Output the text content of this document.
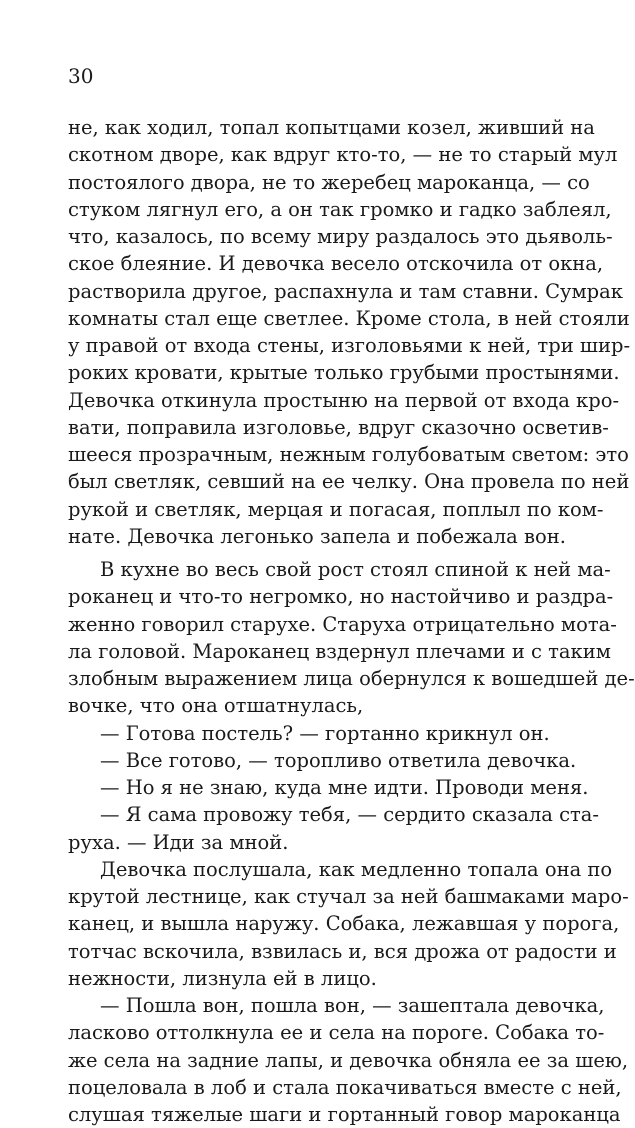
30
не, как ходил, топал копытцами козел, живший на
скотном дворе, как вдруг кто-то, — не то старый мул
постоялого двора, не то жеребец мароканца, — со
стуком лягнул его, а он так громко и гадко заблеял,
что, казалось, по всему миру раздалось это дьяволь-
ское блеяние. И девочка весело отскочила от окна,
растворила другое, распахнула и там ставни. Сумрак
комнаты стал еще светлее. Кроме стола, в ней стояли
у правой от входа стены, изголовьями к ней, три шир-
роких кровати, крытые только грубыми простынями.
Девочка откинула простыню на первой от входа кро-
вати, поправила изголовье, вдруг сказочно осветив-
шееся прозрачным, нежным голубоватым светом: это
был светляк, севший на ее челку. Она провела по ней
рукой и светляк, мерцая и погасая, поплыл по ком-
нате. Девочка легонько запела и побежала вон.
В кухне во весь свой рост стоял спиной к ней ма-
роканец и что-то негромко, но настойчиво и раздра-
женно говорил старухе. Старуха отрицательно мота-
ла головой. Мароканец вздернул плечами и с таким
злобным выражением лица обернулся к вошедшей де-
вочке, что она отшатнулась,
— Готова постель? — гортанно крикнул он.
— Все готово, — торопливо ответила девочка.
— Но я не знаю, куда мне идти. Проводи меня.
— Я сама провожу тебя, — сердито сказала ста-
руха. — Иди за мной.
Девочка послушала, как медленно топала она по
крутой лестнице, как стучал за ней башмаками маро-
канец, и вышла наружу. Собака, лежавшая у порога,
тотчас вскочила, взвилась и, вся дрожа от радости и
нежности, лизнула ей в лицо.
— Пошла вон, пошла вон, — зашептала девочка,
ласково оттолкнула ее и села на пороге. Собака то-
же села на задние лапы, и девочка обняла ее за шею,
поцеловала в лоб и стала покачиваться вместе с ней,
слушая тяжелые шаги и гортанный говор мароканца
